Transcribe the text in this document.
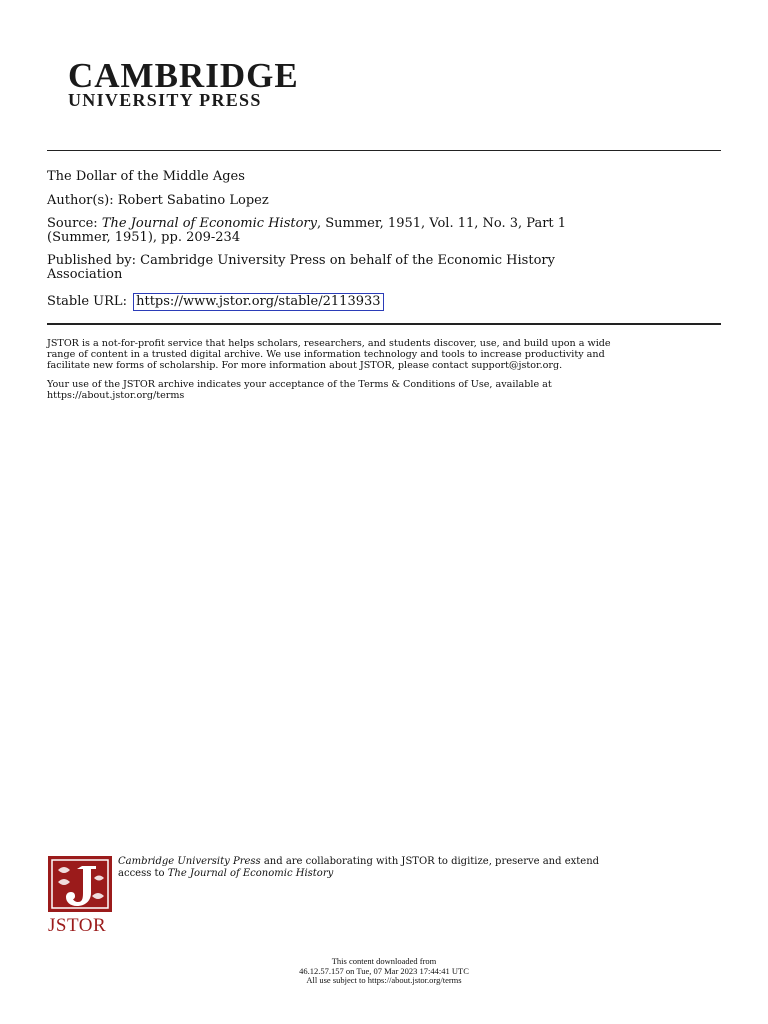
CAMBRIDGE
UNIVERSITY PRESS
The Dollar of the Middle Ages
Author(s): Robert Sabatino Lopez
Source: The Journal of Economic History, Summer, 1951, Vol. 11, No. 3, Part 1
(Summer, 1951), pp. 209-234
Published by: Cambridge University Press on behalf of the Economic History
Association
Stable URL: https://www.jstor.org/stable/2113933
JSTOR is a not-for-profit service that helps scholars, researchers, and students discover, use, and build upon a wide
range of content in a trusted digital archive. We use information technology and tools to increase productivity and
facilitate new forms of scholarship. For more information about JSTOR, please contact support@jstor.org.
Your use of the JSTOR archive indicates your acceptance of the Terms & Conditions of Use, available at
https://about.jstor.org/terms
JSTOR
Cambridge University Press and are collaborating with JSTOR to digitize, preserve and extend
access to The Journal of Economic History
This content downloaded from
46.12.57.157 on Tue, 07 Mar 2023 17:44:41 UTC
All use subject to https://about.jstor.org/terms
